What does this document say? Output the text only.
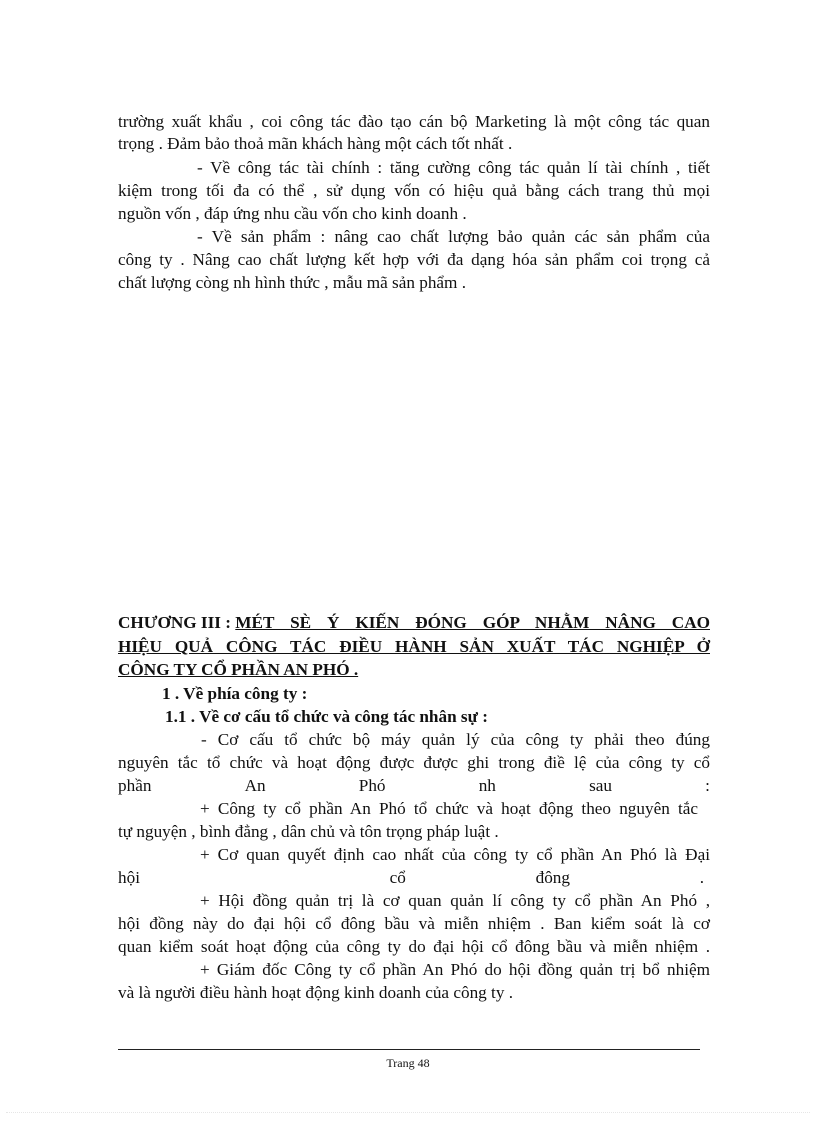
trường xuất khẩu , coi công tác đào tạo cán bộ Marketing là một công tác quan
trọng . Đảm bảo thoả mãn khách hàng một cách tốt nhất .
- Về công tác tài chính : tăng cường công tác quản lí tài chính , tiết
kiệm trong tối đa có thể , sử dụng vốn có hiệu quả bằng cách trang thủ mọi
nguồn vốn , đáp ứng nhu cầu vốn cho kinh doanh .
- Về sản phẩm : nâng cao chất lượng bảo quản các sản phẩm của
công ty . Nâng cao chất lượng kết hợp với đa dạng hóa sản phẩm coi trọng cả
chất lượng còng nh hình thức , mẫu mã sản phẩm .
CHƯƠNG III : MÉT SÈ Ý KIẾN ĐÓNG GÓP NHẰM NÂNG CAO
HIỆU QUẢ CÔNG TÁC ĐIỀU HÀNH SẢN XUẤT TÁC NGHIỆP Ở
CÔNG TY CỔ PHẦN AN PHÓ .
1 . Về phía công ty :
1.1 . Về cơ cấu tổ chức và công tác nhân sự :
- Cơ cấu tổ chức bộ máy quản lý của công ty phải theo đúng
nguyên tắc tổ chức và hoạt động được được ghi trong điề lệ của công ty cổ
phần	An	Phó	nh	sau	:
+ Công ty cổ phần An Phó tổ chức và hoạt động theo nguyên tắc
tự nguyện , bình đẳng , dân chủ và tôn trọng pháp luật .
+ Cơ quan quyết định cao nhất của công ty cổ phần An Phó là Đại
hội	cổ	đông	.
+ Hội đồng quản trị là cơ quan quản lí công ty cổ phần An Phó ,
hội đồng này do đại hội cổ đông bầu và miễn nhiệm . Ban kiểm soát là cơ
quan kiểm soát hoạt động của công ty do đại hội cổ đông bầu và miễn nhiệm .
+ Giám đốc Công ty cổ phần An Phó do hội đồng quản trị bổ nhiệm
và là người điều hành hoạt động kinh doanh của công ty .
Trang 48
